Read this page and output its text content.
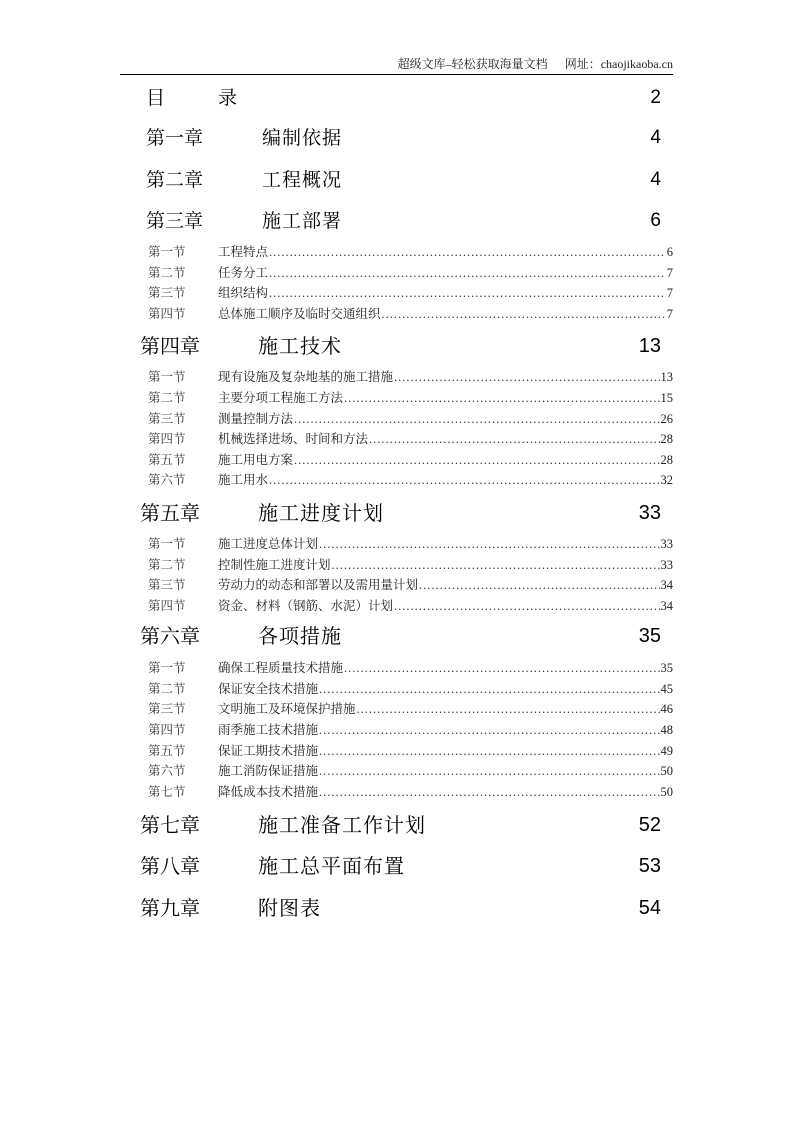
超级文库–轻松获取海量文档 网址：chaojikaoba.cn
目	录	2
第一章	编制依据	4
第二章	工程概况	4
第三章	施工部署	6
第一节	工程特点 .....	6
第二节	任务分工 .....	7
第三节	组织结构 .....	7
第四节	总体施工顺序及临时交通组织 .....	7
第四章	施工技术	13
第一节	现有设施及复杂地基的施工措施 .....	13
第二节	主要分项工程施工方法 .....	15
第三节	测量控制方法 .....	26
第四节	机械选择进场、时间和方法 .....	28
第五节	施工用电方案 .....	28
第六节	施工用水 .....	32
第五章	施工进度计划	33
第一节	施工进度总体计划 .....	33
第二节	控制性施工进度计划 .....	33
第三节	劳动力的动态和部署以及需用量计划 .....	34
第四节	资金、材料（钢筋、水泥）计划 .....	34
第六章	各项措施	35
第一节	确保工程质量技术措施 .....	35
第二节	保证安全技术措施 .....	45
第三节	文明施工及环境保护措施 .....	46
第四节	雨季施工技术措施 .....	48
第五节	保证工期技术措施 .....	49
第六节	施工消防保证措施 .....	50
第七节	降低成本技术措施 .....	50
第七章	施工准备工作计划	52
第八章	施工总平面布置	53
第九章	附图表	54
